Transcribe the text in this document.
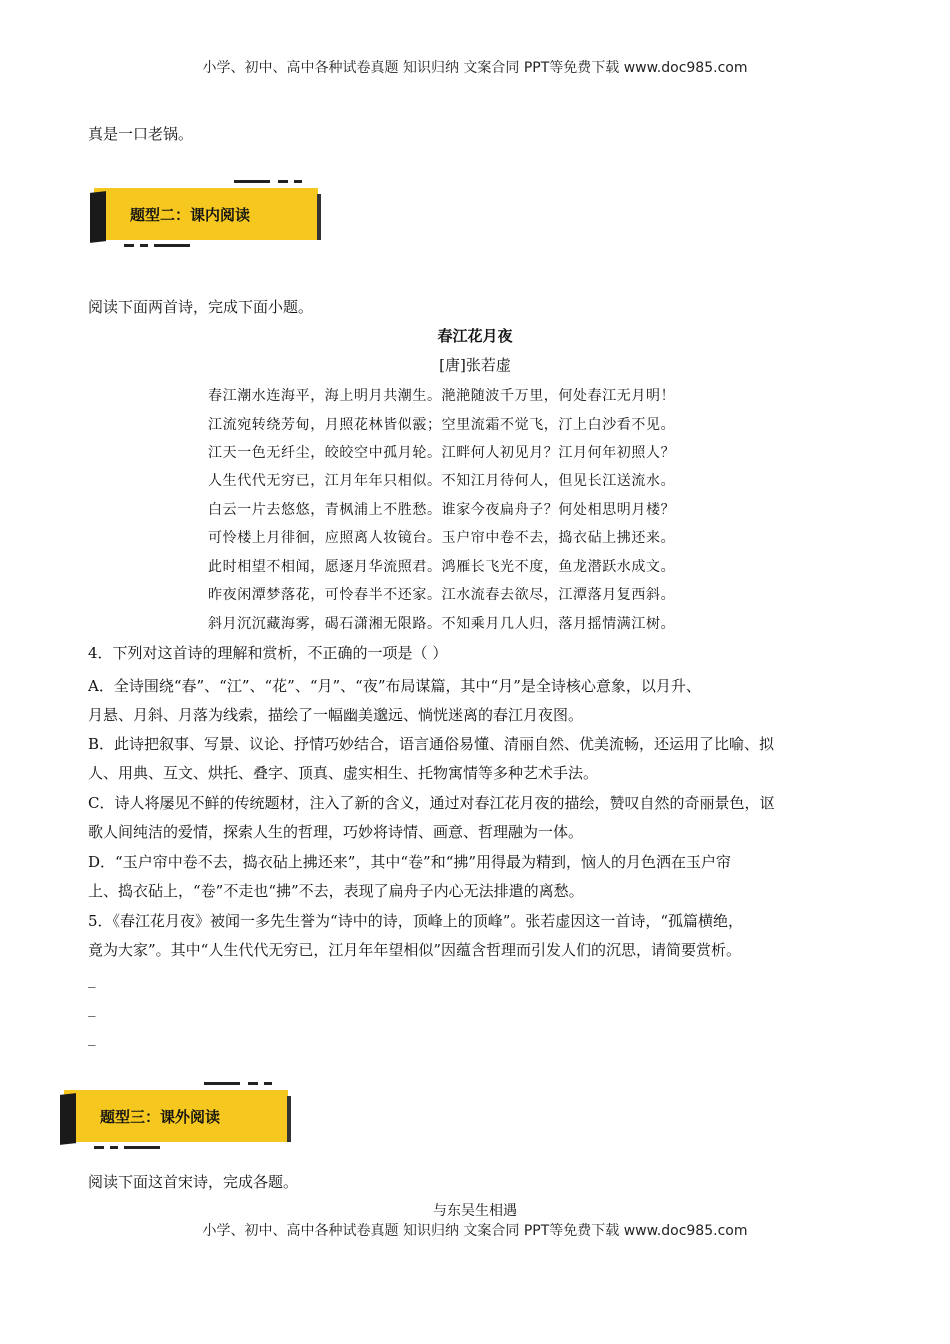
小学、初中、高中各种试卷真题 知识归纳 文案合同 PPT等免费下载 www.doc985.com
真是一口老锅。
题型二：课内阅读
阅读下面两首诗，完成下面小题。
春江花月夜
[唐]张若虚
春江潮水连海平，海上明月共潮生。滟滟随波千万里，何处春江无月明！
江流宛转绕芳甸，月照花林皆似霰；空里流霜不觉飞，汀上白沙看不见。
江天一色无纤尘，皎皎空中孤月轮。江畔何人初见月？江月何年初照人？
人生代代无穷已，江月年年只相似。不知江月待何人，但见长江送流水。
白云一片去悠悠，青枫浦上不胜愁。谁家今夜扁舟子？何处相思明月楼？
可怜楼上月徘徊，应照离人妆镜台。玉户帘中卷不去，捣衣砧上拂还来。
此时相望不相闻，愿逐月华流照君。鸿雁长飞光不度，鱼龙潜跃水成文。
昨夜闲潭梦落花，可怜春半不还家。江水流春去欲尽，江潭落月复西斜。
斜月沉沉藏海雾，碣石潇湘无限路。不知乘月几人归，落月摇情满江树。
4．下列对这首诗的理解和赏析，不正确的一项是（ ）
A．全诗围绕“春”、“江”、“花”、“月”、“夜”布局谋篇，其中“月”是全诗核心意象，以月升、
月悬、月斜、月落为线索，描绘了一幅幽美邈远、惝恍迷离的春江月夜图。
B．此诗把叙事、写景、议论、抒情巧妙结合，语言通俗易懂、清丽自然、优美流畅，还运用了比喻、拟
人、用典、互文、烘托、叠字、顶真、虚实相生、托物寓情等多种艺术手法。
C．诗人将屡见不鲜的传统题材，注入了新的含义，通过对春江花月夜的描绘，赞叹自然的奇丽景色，讴
歌人间纯洁的爱情，探索人生的哲理，巧妙将诗情、画意、哲理融为一体。
D．“玉户帘中卷不去，捣衣砧上拂还来”，其中“卷”和“拂”用得最为精到，恼人的月色洒在玉户帘
上、捣衣砧上，“卷”不走也“拂”不去，表现了扁舟子内心无法排遣的离愁。
5．《春江花月夜》被闻一多先生誉为“诗中的诗，顶峰上的顶峰”。张若虚因这一首诗，“孤篇横绝，
竟为大家”。其中“人生代代无穷已，江月年年望相似”因蕴含哲理而引发人们的沉思，请简要赏析。
_
_
_
题型三：课外阅读
阅读下面这首宋诗，完成各题。
与东吴生相遇
小学、初中、高中各种试卷真题 知识归纳 文案合同 PPT等免费下载 www.doc985.com
